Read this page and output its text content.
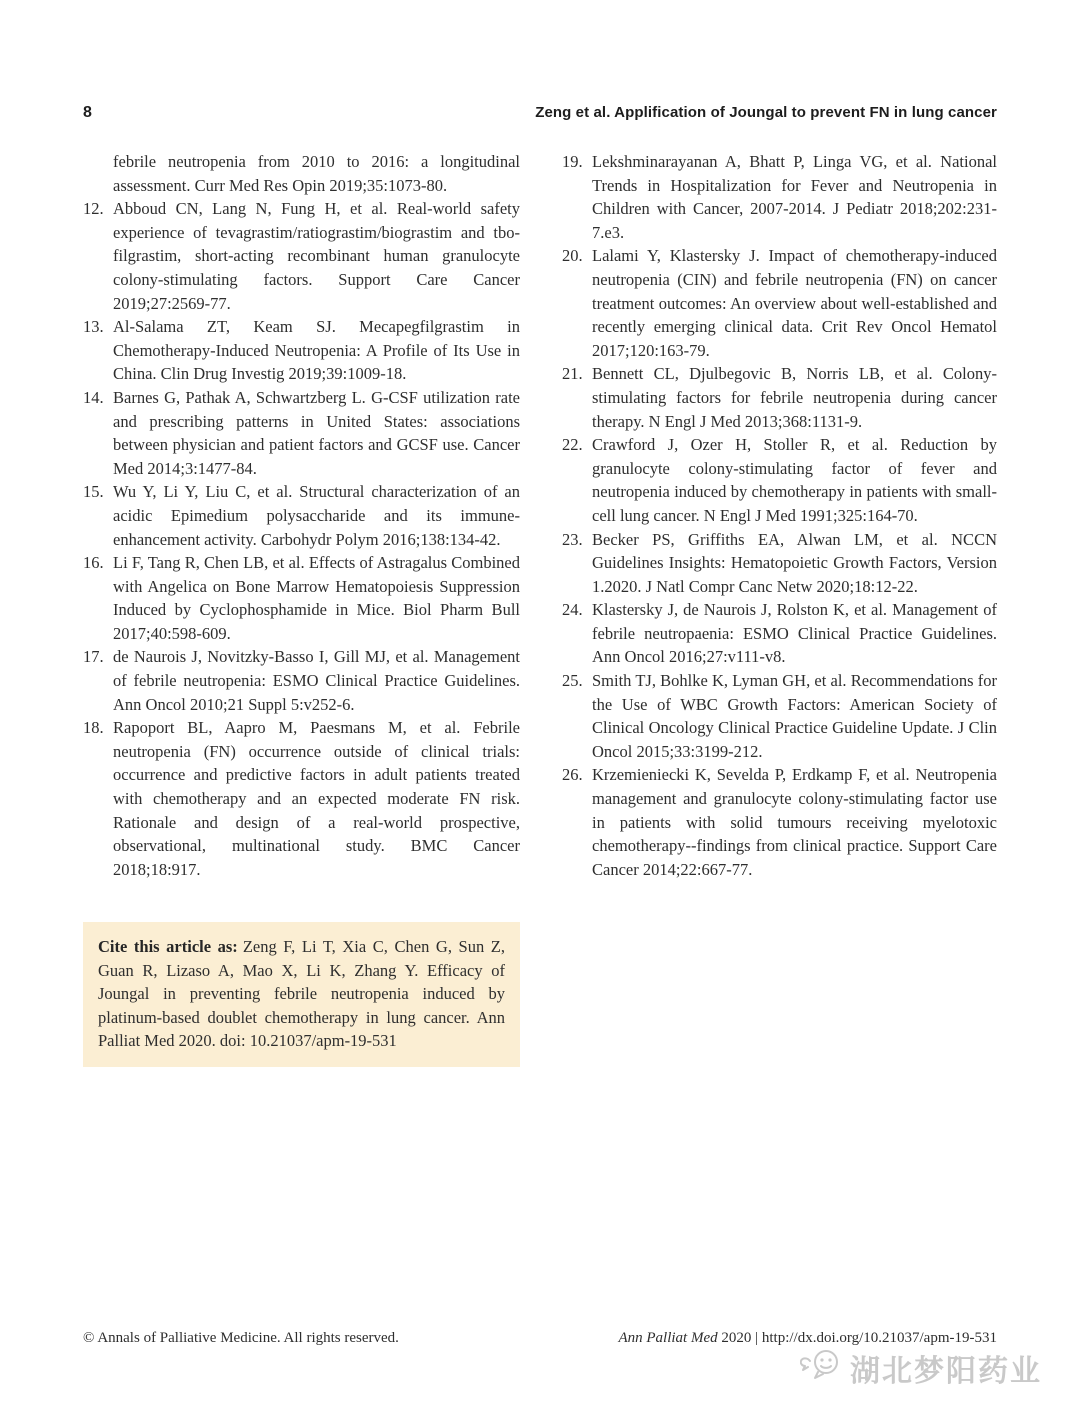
8	Zeng et al. Applification of Joungal to prevent FN in lung cancer
febrile neutropenia from 2010 to 2016: a longitudinal assessment. Curr Med Res Opin 2019;35:1073-80.
12. Abboud CN, Lang N, Fung H, et al. Real-world safety experience of tevagrastim/ratiograstim/biograstim and tbo-filgrastim, short-acting recombinant human granulocyte colony-stimulating factors. Support Care Cancer 2019;27:2569-77.
13. Al-Salama ZT, Keam SJ. Mecapegfilgrastim in Chemotherapy-Induced Neutropenia: A Profile of Its Use in China. Clin Drug Investig 2019;39:1009-18.
14. Barnes G, Pathak A, Schwartzberg L. G-CSF utilization rate and prescribing patterns in United States: associations between physician and patient factors and GCSF use. Cancer Med 2014;3:1477-84.
15. Wu Y, Li Y, Liu C, et al. Structural characterization of an acidic Epimedium polysaccharide and its immune-enhancement activity. Carbohydr Polym 2016;138:134-42.
16. Li F, Tang R, Chen LB, et al. Effects of Astragalus Combined with Angelica on Bone Marrow Hematopoiesis Suppression Induced by Cyclophosphamide in Mice. Biol Pharm Bull 2017;40:598-609.
17. de Naurois J, Novitzky-Basso I, Gill MJ, et al. Management of febrile neutropenia: ESMO Clinical Practice Guidelines. Ann Oncol 2010;21 Suppl 5:v252-6.
18. Rapoport BL, Aapro M, Paesmans M, et al. Febrile neutropenia (FN) occurrence outside of clinical trials: occurrence and predictive factors in adult patients treated with chemotherapy and an expected moderate FN risk. Rationale and design of a real-world prospective, observational, multinational study. BMC Cancer 2018;18:917.
Cite this article as: Zeng F, Li T, Xia C, Chen G, Sun Z, Guan R, Lizaso A, Mao X, Li K, Zhang Y. Efficacy of Joungal in preventing febrile neutropenia induced by platinum-based doublet chemotherapy in lung cancer. Ann Palliat Med 2020. doi: 10.21037/apm-19-531
19. Lekshminarayanan A, Bhatt P, Linga VG, et al. National Trends in Hospitalization for Fever and Neutropenia in Children with Cancer, 2007-2014. J Pediatr 2018;202:231-7.e3.
20. Lalami Y, Klastersky J. Impact of chemotherapy-induced neutropenia (CIN) and febrile neutropenia (FN) on cancer treatment outcomes: An overview about well-established and recently emerging clinical data. Crit Rev Oncol Hematol 2017;120:163-79.
21. Bennett CL, Djulbegovic B, Norris LB, et al. Colony-stimulating factors for febrile neutropenia during cancer therapy. N Engl J Med 2013;368:1131-9.
22. Crawford J, Ozer H, Stoller R, et al. Reduction by granulocyte colony-stimulating factor of fever and neutropenia induced by chemotherapy in patients with small-cell lung cancer. N Engl J Med 1991;325:164-70.
23. Becker PS, Griffiths EA, Alwan LM, et al. NCCN Guidelines Insights: Hematopoietic Growth Factors, Version 1.2020. J Natl Compr Canc Netw 2020;18:12-22.
24. Klastersky J, de Naurois J, Rolston K, et al. Management of febrile neutropaenia: ESMO Clinical Practice Guidelines. Ann Oncol 2016;27:v111-v8.
25. Smith TJ, Bohlke K, Lyman GH, et al. Recommendations for the Use of WBC Growth Factors: American Society of Clinical Oncology Clinical Practice Guideline Update. J Clin Oncol 2015;33:3199-212.
26. Krzemieniecki K, Sevelda P, Erdkamp F, et al. Neutropenia management and granulocyte colony-stimulating factor use in patients with solid tumours receiving myelotoxic chemotherapy--findings from clinical practice. Support Care Cancer 2014;22:667-77.
© Annals of Palliative Medicine. All rights reserved.	Ann Palliat Med 2020 | http://dx.doi.org/10.21037/apm-19-531
湖北梦阳药业
